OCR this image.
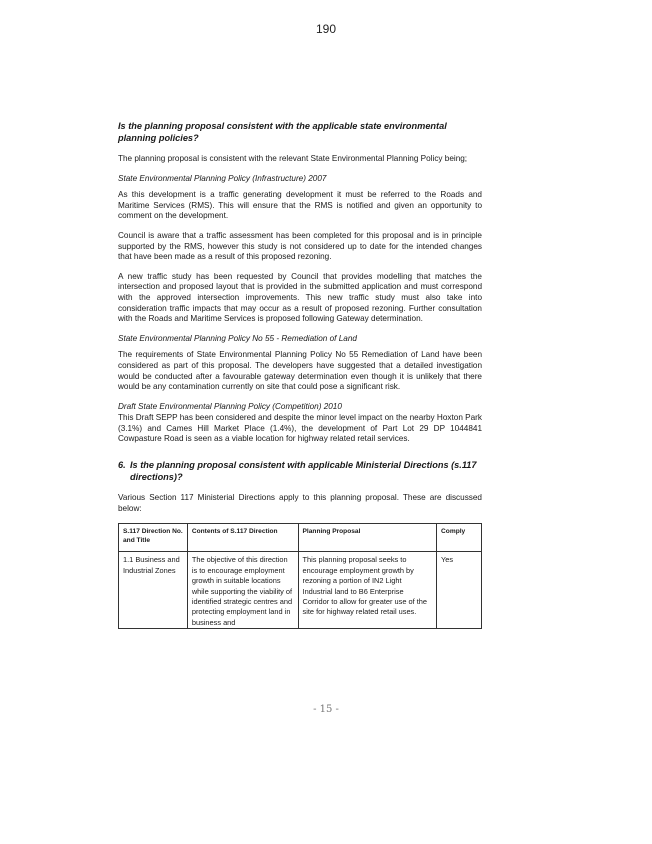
190

Is the planning proposal consistent with the applicable state environmental planning policies?

The planning proposal is consistent with the relevant State Environmental Planning Policy being;

State Environmental Planning Policy (Infrastructure) 2007

As this development is a traffic generating development it must be referred to the Roads and Maritime Services (RMS). This will ensure that the RMS is notified and given an opportunity to comment on the development.

Council is aware that a traffic assessment has been completed for this proposal and is in principle supported by the RMS, however this study is not considered up to date for the intended changes that have been made as a result of this proposed rezoning.

A new traffic study has been requested by Council that provides modelling that matches the intersection and proposed layout that is provided in the submitted application and must correspond with the approved intersection improvements. This new traffic study must also take into consideration traffic impacts that may occur as a result of proposed rezoning. Further consultation with the Roads and Maritime Services is proposed following Gateway determination.

State Environmental Planning Policy No 55 - Remediation of Land

The requirements of State Environmental Planning Policy No 55 Remediation of Land have been considered as part of this proposal. The developers have suggested that a detailed investigation would be conducted after a favourable gateway determination even though it is unlikely that there would be any contamination currently on site that could pose a significant risk.

Draft State Environmental Planning Policy (Competition) 2010

This Draft SEPP has been considered and despite the minor level impact on the nearby Hoxton Park (3.1%) and Cames Hill Market Place (1.4%), the development of Part Lot 29 DP 1044841 Cowpasture Road is seen as a viable location for highway related retail services.

6. Is the planning proposal consistent with applicable Ministerial Directions (s.117 directions)?

Various Section 117 Ministerial Directions apply to this planning proposal. These are discussed below:

S.117 Direction No. and Title	Contents of S.117 Direction	Planning Proposal	Comply
1.1 Business and Industrial Zones	The objective of this direction is to encourage employment growth in suitable locations while supporting the viability of identified strategic centres and protecting employment land in business and	This planning proposal seeks to encourage employment growth by rezoning a portion of IN2 Light Industrial land to B6 Enterprise Corridor to allow for greater use of the site for highway related retail uses.	Yes
- 15 -
